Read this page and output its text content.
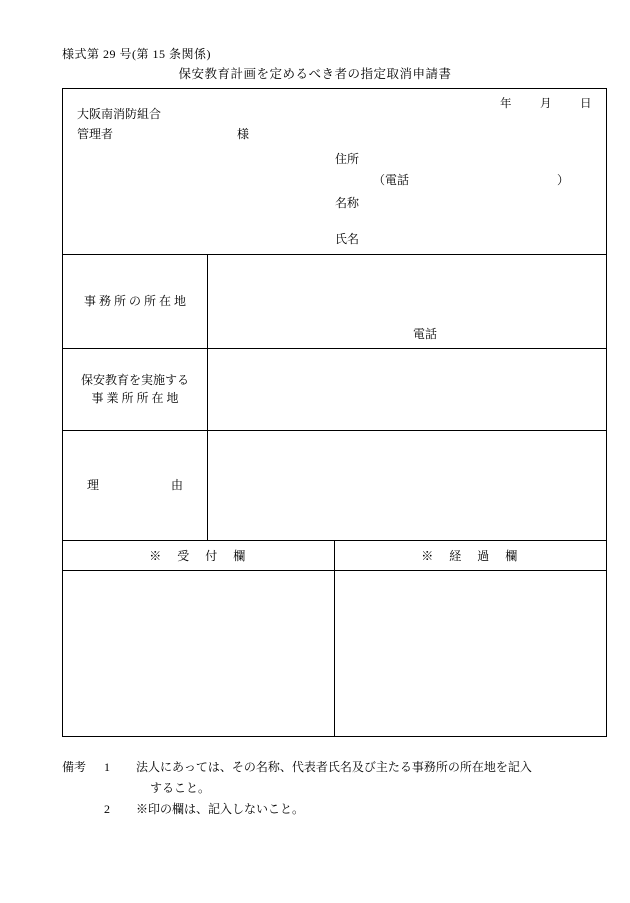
様式第 29 号(第 15 条関係)
保安教育計画を定めるべき者の指定取消申請書
年 月 日
大阪南消防組合
管理者	様
住所
（電話	）
名称
氏名
事 務 所 の 所 在 地
電話
保安教育を実施する
事 業 所 所 在 地
理　　　　　　由
※　受　付　欄	※　経　過　欄
備考 1 法人にあっては、その名称、代表者氏名及び主たる事務所の所在地を記入
すること。
2 ※印の欄は、記入しないこと。
